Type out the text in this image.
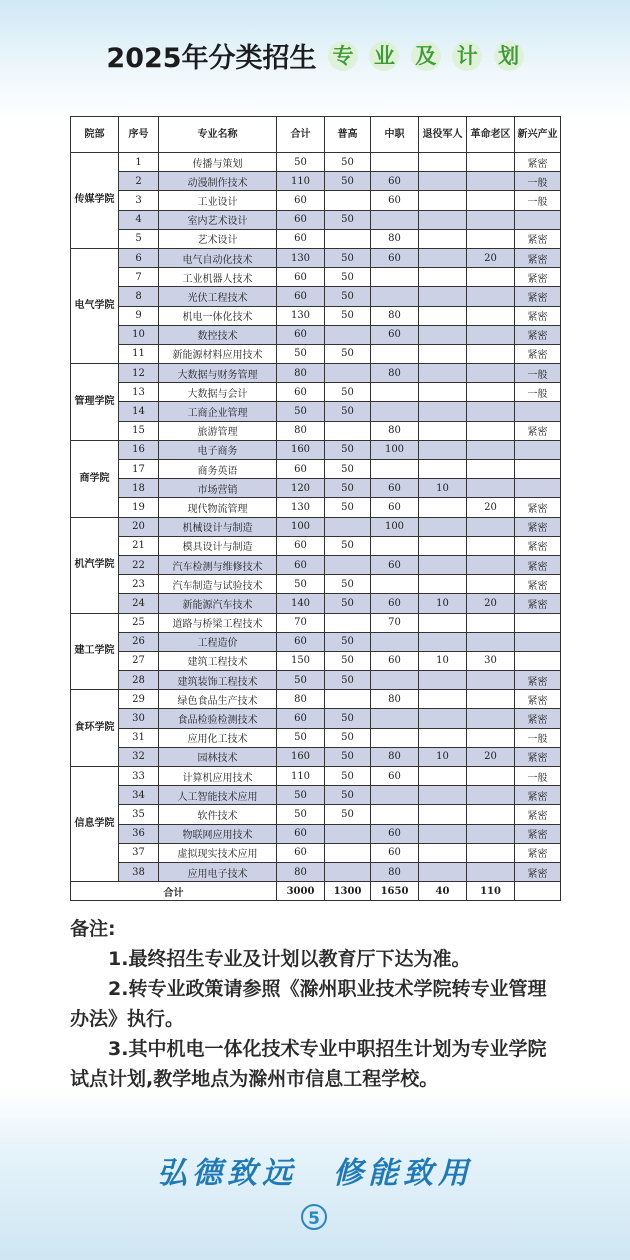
2025年分类招生 专 业 及 计 划
院部	序号	专业名称	合计	普高	中职	退役军人	革命老区	新兴产业
传媒学院	1	传播与策划	50	50				紧密
	2	动漫制作技术	110	50	60			一般
	3	工业设计	60		60			一般
	4	室内艺术设计	60	50				
	5	艺术设计	60		80			紧密
电气学院	6	电气自动化技术	130	50	60		20	紧密
	7	工业机器人技术	60	50				紧密
	8	光伏工程技术	60	50				紧密
	9	机电一体化技术	130	50	80			紧密
	10	数控技术	60		60			紧密
	11	新能源材料应用技术	50	50				紧密
管理学院	12	大数据与财务管理	80		80			一般
	13	大数据与会计	60	50				一般
	14	工商企业管理	50	50				
	15	旅游管理	80		80			紧密
商学院	16	电子商务	160	50	100			
	17	商务英语	60	50				
	18	市场营销	120	50	60	10		
	19	现代物流管理	130	50	60		20	紧密
机汽学院	20	机械设计与制造	100		100			紧密
	21	模具设计与制造	60	50				紧密
	22	汽车检测与维修技术	60		60			紧密
	23	汽车制造与试验技术	50	50				紧密
	24	新能源汽车技术	140	50	60	10	20	紧密
建工学院	25	道路与桥梁工程技术	70		70			
	26	工程造价	60	50				
	27	建筑工程技术	150	50	60	10	30	
	28	建筑装饰工程技术	50	50				紧密
食环学院	29	绿色食品生产技术	80		80			紧密
	30	食品检验检测技术	60	50				紧密
	31	应用化工技术	50	50				一般
	32	园林技术	160	50	80	10	20	紧密
信息学院	33	计算机应用技术	110	50	60			一般
	34	人工智能技术应用	50	50				紧密
	35	软件技术	50	50				紧密
	36	物联网应用技术	60		60			紧密
	37	虚拟现实技术应用	60		60			紧密
	38	应用电子技术	80		80			紧密
合计			3000	1300	1650	40	110	

备注:

1.最终招生专业及计划以教育厅下达为准。

2.转专业政策请参照《滁州职业技术学院转专业管理办法》执行。

3.其中机电一体化技术专业中职招生计划为专业学院试点计划,教学地点为滁州市信息工程学校。

弘德致远 修能致用
5
